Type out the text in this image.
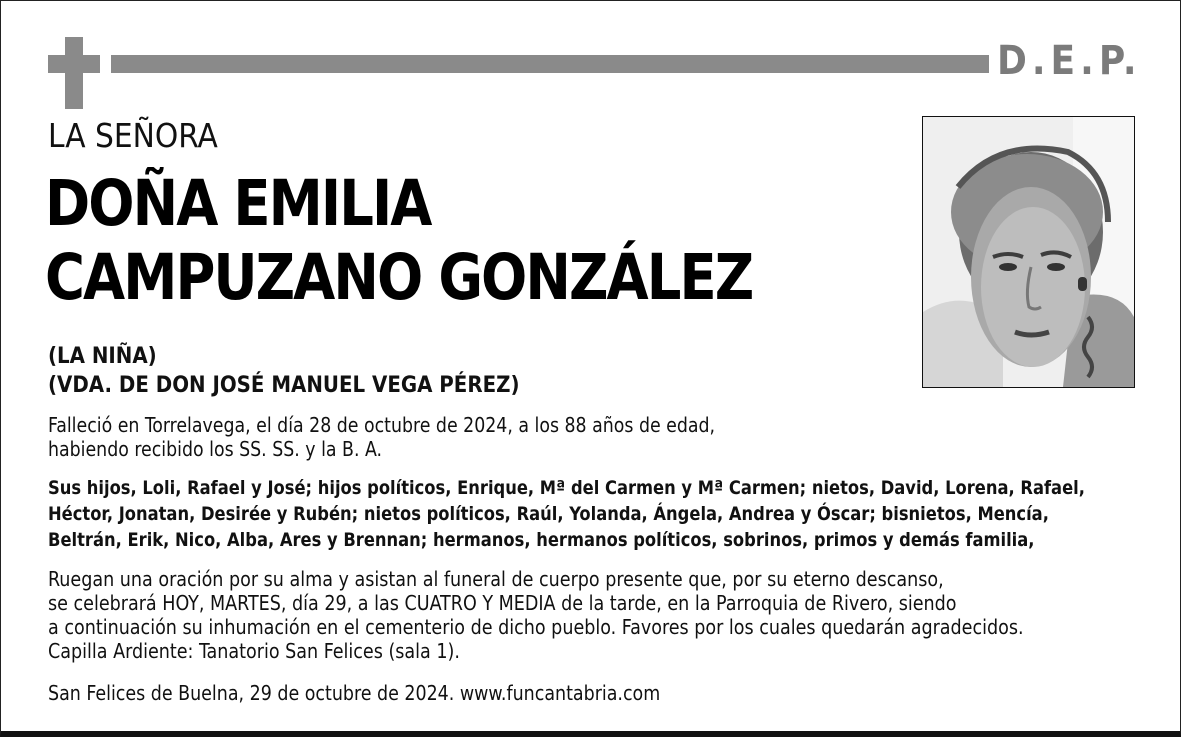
D.E.P.
LA SEÑORA
DOÑA EMILIA
CAMPUZANO GONZÁLEZ
(LA NIÑA)
(VDA. DE DON JOSÉ MANUEL VEGA PÉREZ)
Falleció en Torrelavega, el día 28 de octubre de 2024, a los 88 años de edad,
habiendo recibido los SS. SS. y la B. A.
Sus hijos, Loli, Rafael y José; hijos políticos, Enrique, Mª del Carmen y Mª Carmen; nietos, David, Lorena, Rafael,
Héctor, Jonatan, Desirée y Rubén; nietos políticos, Raúl, Yolanda, Ángela, Andrea y Óscar; bisnietos, Mencía,
Beltrán, Erik, Nico, Alba, Ares y Brennan; hermanos, hermanos políticos, sobrinos, primos y demás familia,
Ruegan una oración por su alma y asistan al funeral de cuerpo presente que, por su eterno descanso,
se celebrará HOY, MARTES, día 29, a las CUATRO Y MEDIA de la tarde, en la Parroquia de Rivero, siendo
a continuación su inhumación en el cementerio de dicho pueblo. Favores por los cuales quedarán agradecidos.
Capilla Ardiente: Tanatorio San Felices (sala 1).
San Felices de Buelna, 29 de octubre de 2024. www.funcantabria.com
